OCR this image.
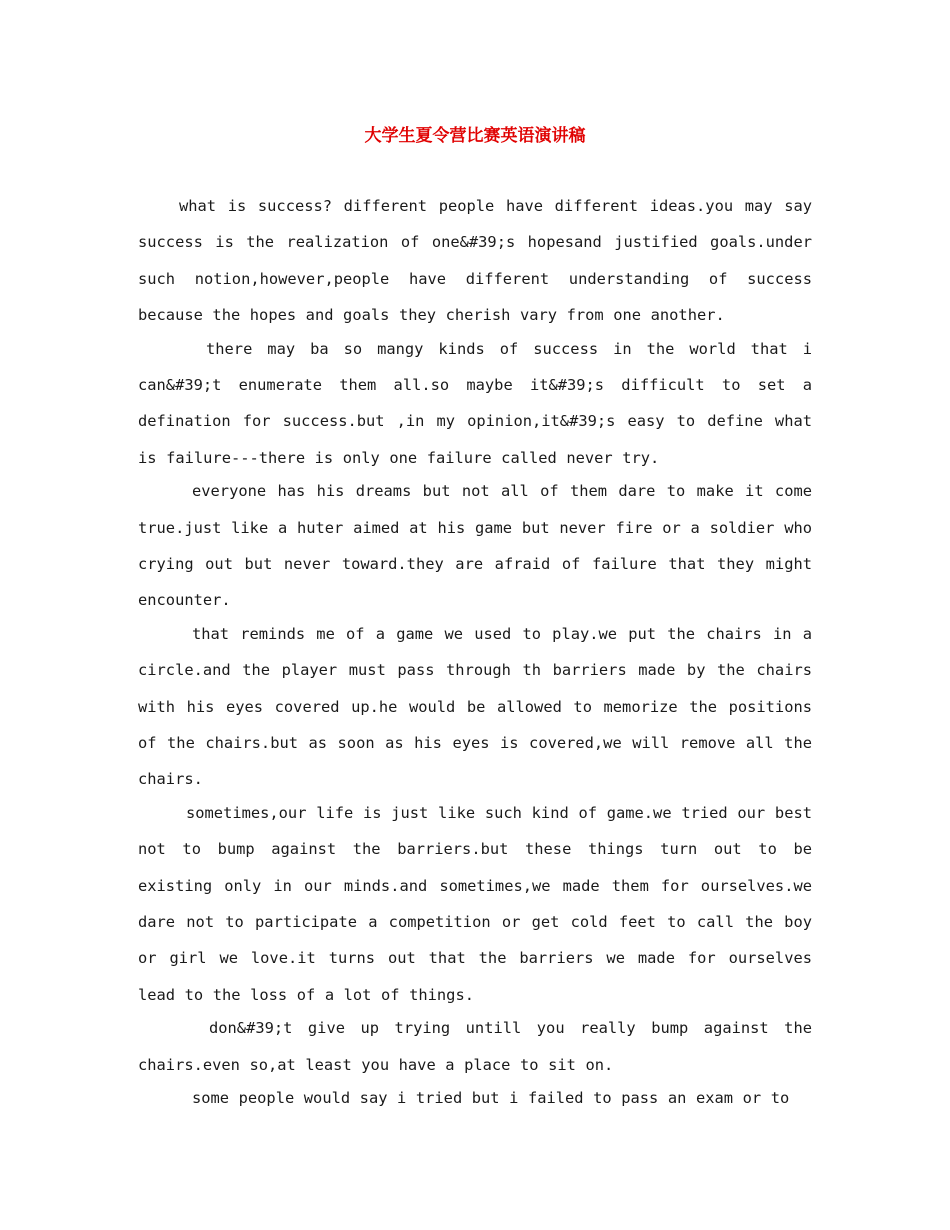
大学生夏令营比赛英语演讲稿

what is success? different people have different ideas.you may say success is the realization of one&#39;s hopesand justified goals.under such notion,however,people have different understanding of success because the hopes and goals they cherish vary from one another.

there may ba so mangy kinds of success in the world that i can&#39;t enumerate them all.so maybe it&#39;s difficult to set a defination for success.but ,in my opinion,it&#39;s easy to define what is failure---there is only one failure called never try.

everyone has his dreams but not all of them dare to make it come true.just like a huter aimed at his game but never fire or a soldier who crying out but never toward.they are afraid of failure that they might encounter.

that reminds me of a game we used to play.we put the chairs in a circle.and the player must pass through th barriers made by the chairs with his eyes covered up.he would be allowed to memorize the positions of the chairs.but as soon as his eyes is covered,we will remove all the chairs.

sometimes,our life is just like such kind of game.we tried our best not to bump against the barriers.but these things turn out to be existing only in our minds.and sometimes,we made them for ourselves.we dare not to participate a competition or get cold feet to call the boy or girl we love.it turns out that the barriers we made for ourselves lead to the loss of a lot of things.

don&#39;t give up trying untill you really bump against the chairs.even so,at least you have a place to sit on.

some people would say i tried but i failed to pass an exam or to
